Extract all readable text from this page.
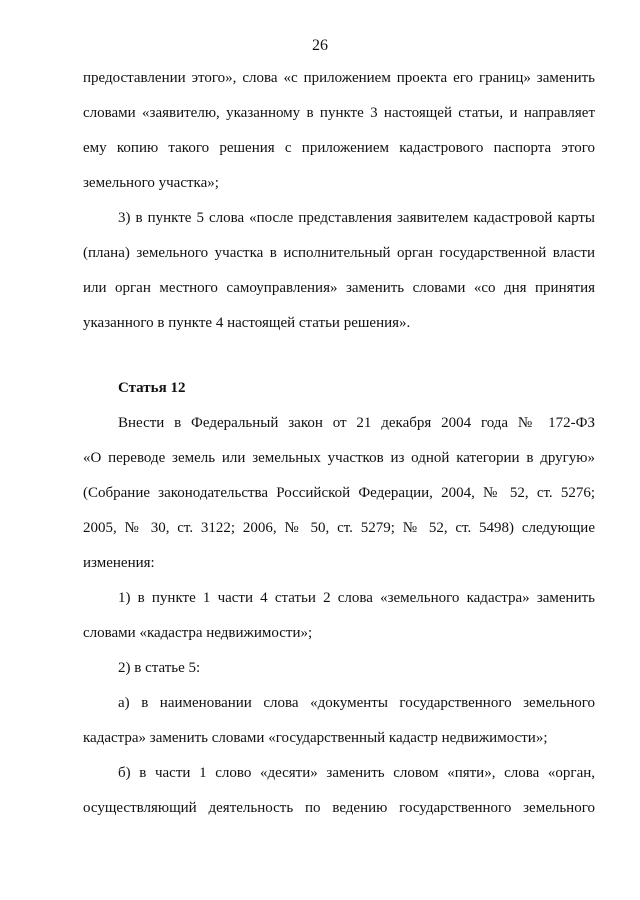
26
предоставлении этого», слова «с приложением проекта его границ» заменить
словами «заявителю, указанному в пункте 3 настоящей статьи, и направляет
ему копию такого решения с приложением кадастрового паспорта этого
земельного участка»;
3) в пункте 5 слова «после представления заявителем кадастровой карты
(плана) земельного участка в исполнительный орган государственной власти
или орган местного самоуправления» заменить словами «со дня принятия
указанного в пункте 4 настоящей статьи решения».
Статья 12
Внести в Федеральный закон от 21 декабря 2004 года № 172-ФЗ
«О переводе земель или земельных участков из одной категории в другую»
(Собрание законодательства Российской Федерации, 2004, № 52, ст. 5276;
2005, № 30, ст. 3122; 2006, № 50, ст. 5279; № 52, ст. 5498) следующие
изменения:
1) в пункте 1 части 4 статьи 2 слова «земельного кадастра» заменить
словами «кадастра недвижимости»;
2) в статье 5:
а) в наименовании слова «документы государственного земельного
кадастра» заменить словами «государственный кадастр недвижимости»;
б) в части 1 слово «десяти» заменить словом «пяти», слова «орган,
осуществляющий деятельность по ведению государственного земельного
